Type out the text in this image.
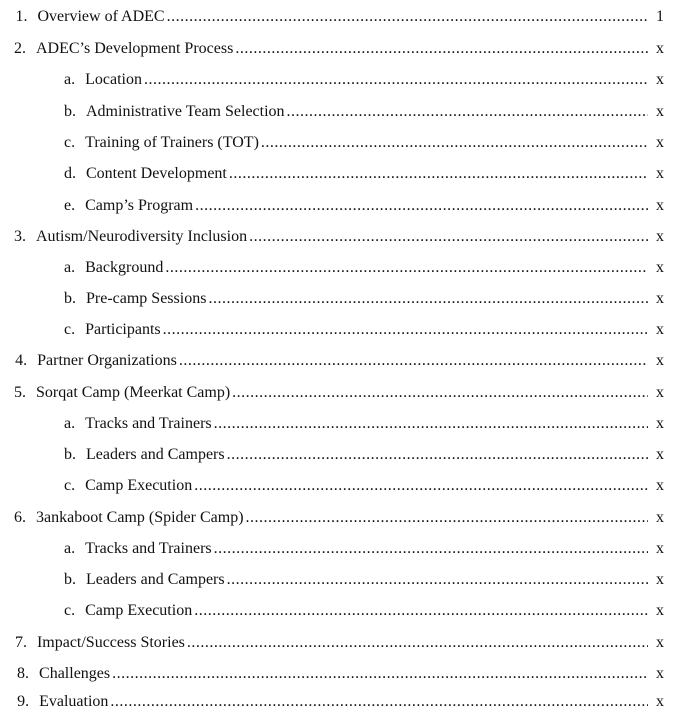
1. Overview of ADEC .....	1
2. ADEC’s Development Process .....	x
a. Location .....	x
b. Administrative Team Selection .....	x
c. Training of Trainers (TOT) .....	x
d. Content Development .....	x
e. Camp’s Program .....	x
3. Autism/Neurodiversity Inclusion .....	x
a. Background .....	x
b. Pre-camp Sessions .....	x
c. Participants .....	x
4. Partner Organizations .....	x
5. Sorqat Camp (Meerkat Camp) .....	x
a. Tracks and Trainers .....	x
b. Leaders and Campers .....	x
c. Camp Execution .....	x
6. 3ankaboot Camp (Spider Camp) .....	x
a. Tracks and Trainers .....	x
b. Leaders and Campers .....	x
c. Camp Execution .....	x
7. Impact/Success Stories .....	x
8. Challenges .....	x
9. Evaluation .....	x
